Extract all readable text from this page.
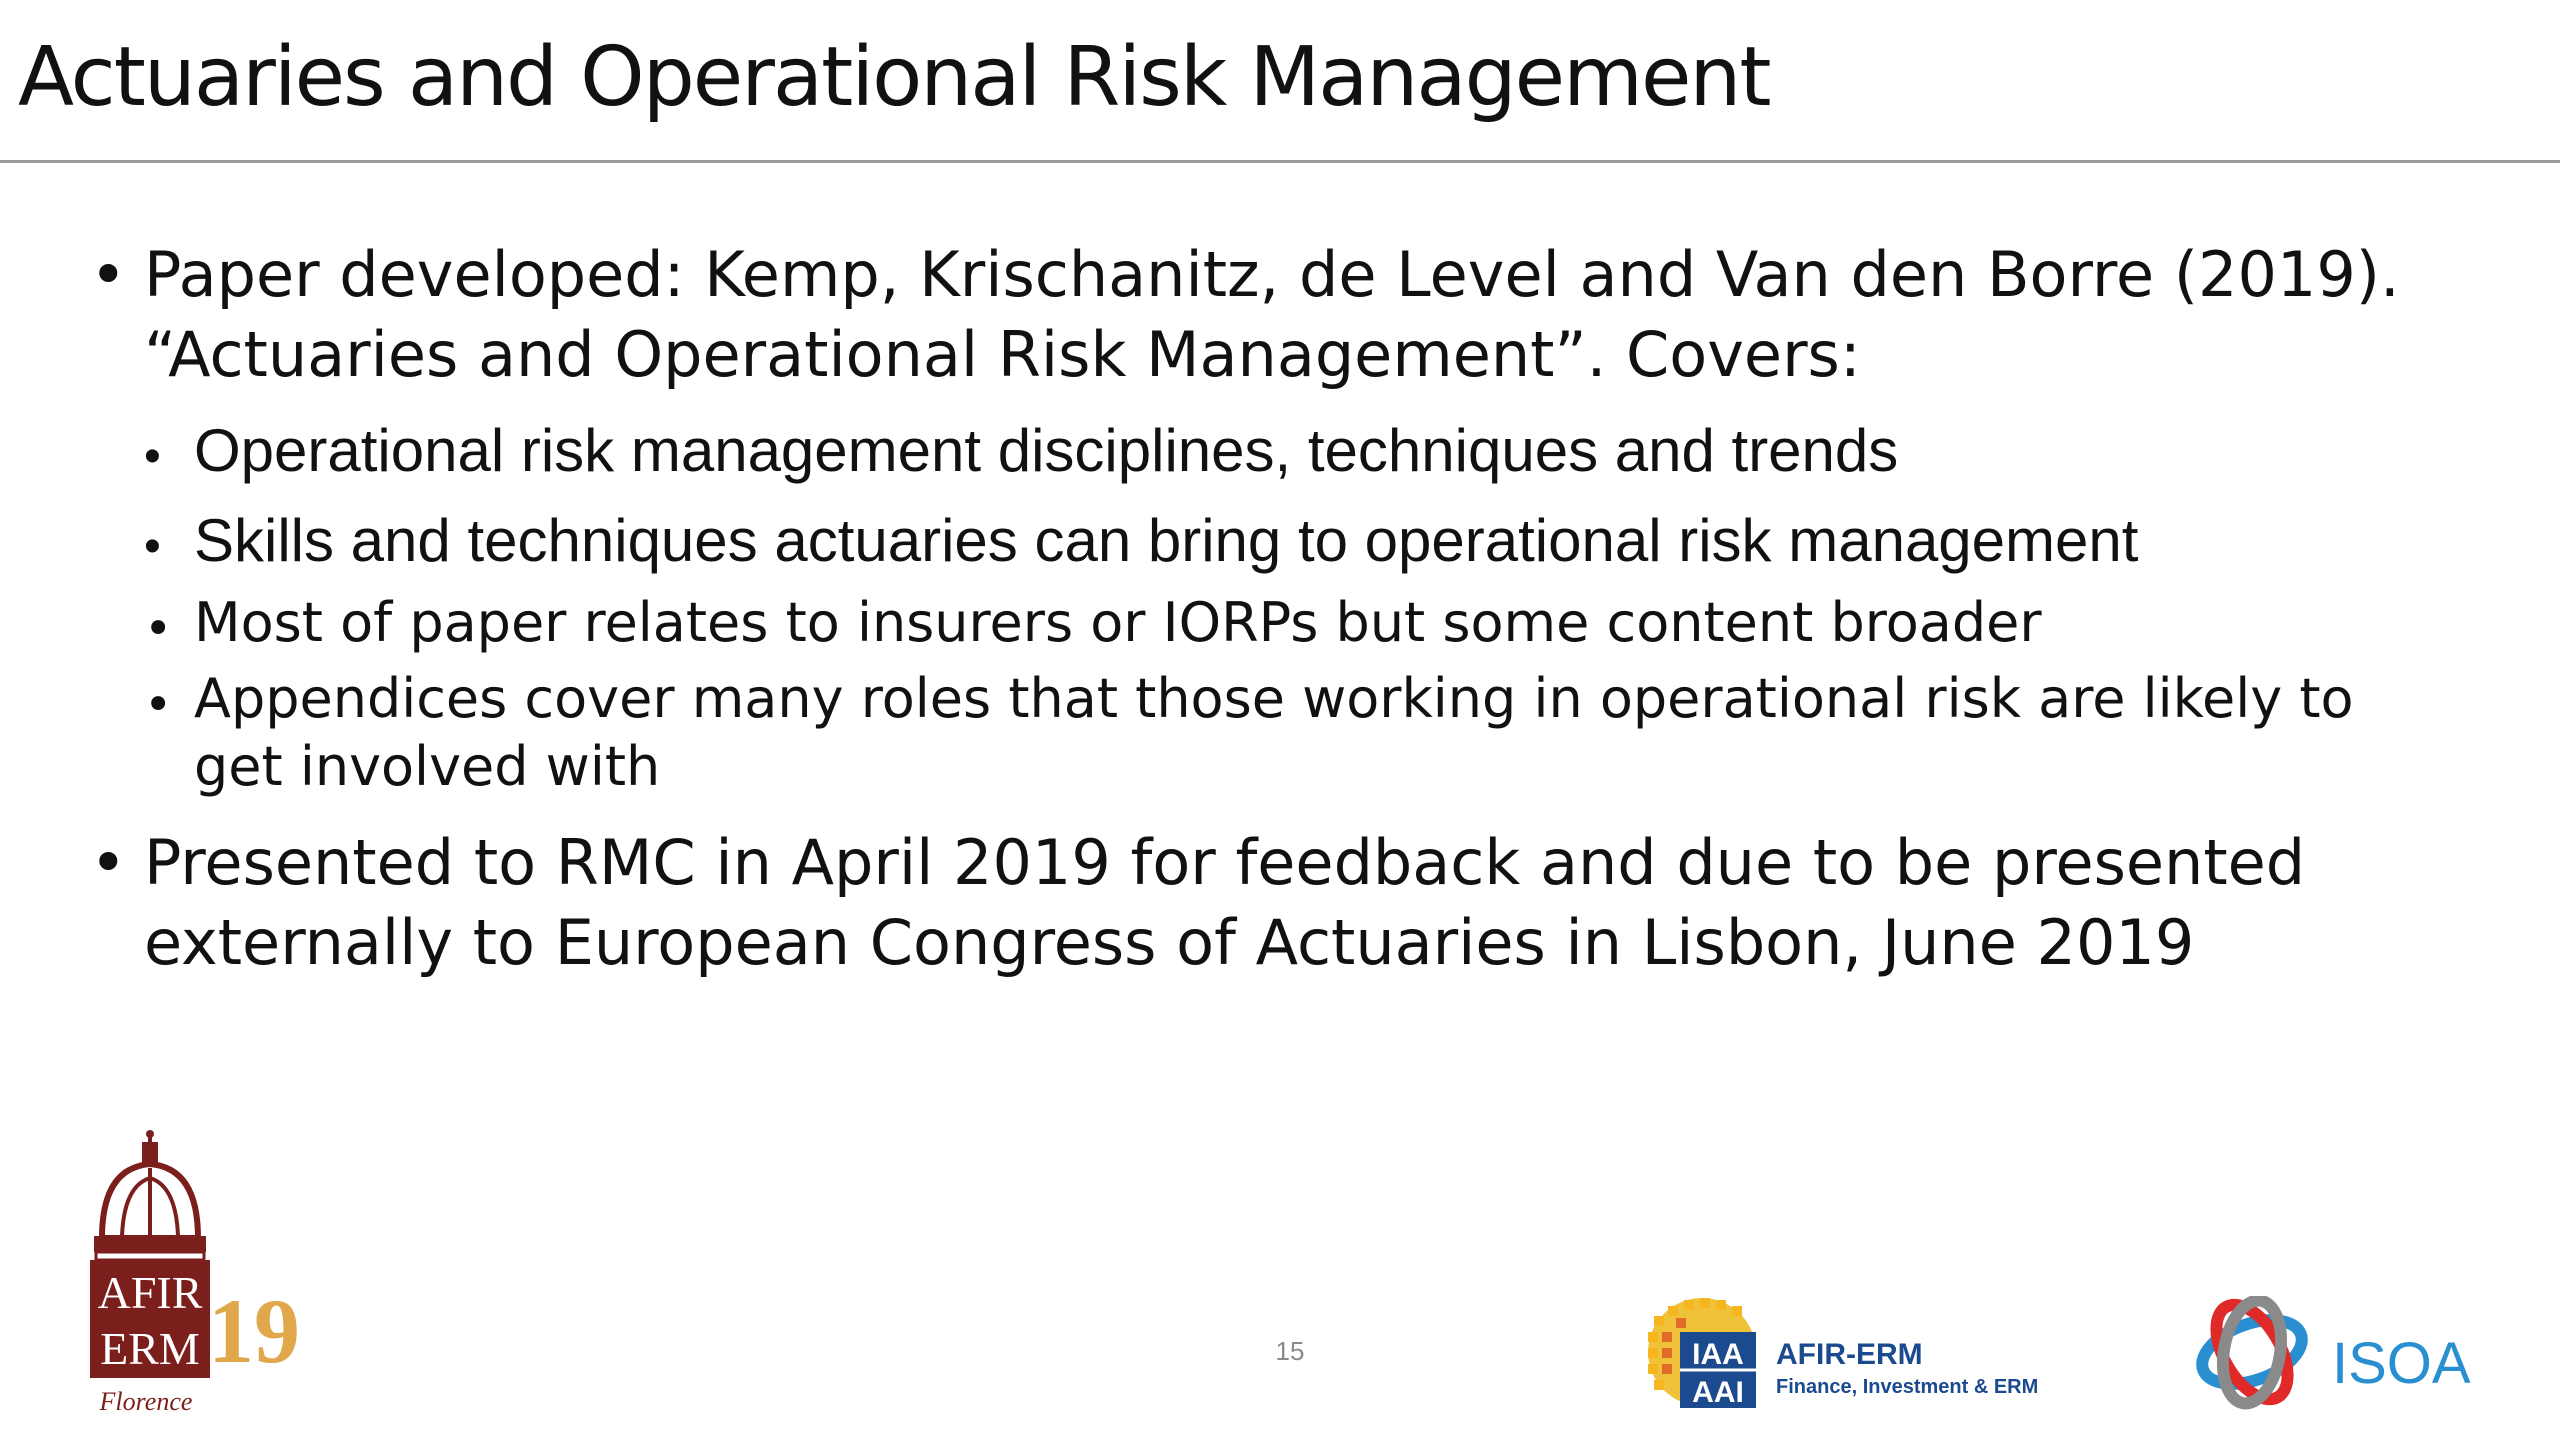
Actuaries and Operational Risk Management
• Paper developed: Kemp, Krischanitz, de Level and Van den Borre (2019). “Actuaries and Operational Risk Management”. Covers:
• Operational risk management disciplines, techniques and trends
• Skills and techniques actuaries can bring to operational risk management
• Most of paper relates to insurers or IORPs but some content broader
• Appendices cover many roles that those working in operational risk are likely to get involved with
• Presented to RMC in April 2019 for feedback and due to be presented externally to European Congress of Actuaries in Lisbon, June 2019
15
AFIR
ERM 19
Florence
IAA
AAI
AFIR-ERM
Finance, Investment & ERM	ISOA
